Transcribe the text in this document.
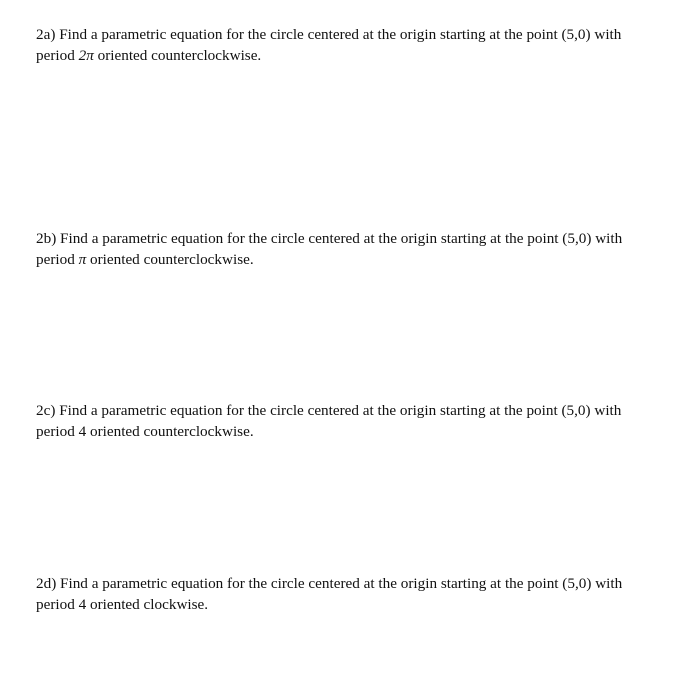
2a) Find a parametric equation for the circle centered at the origin starting at the point (5,0) with
period 2π oriented counterclockwise.
2b) Find a parametric equation for the circle centered at the origin starting at the point (5,0) with
period π oriented counterclockwise.
2c) Find a parametric equation for the circle centered at the origin starting at the point (5,0) with
period 4 oriented counterclockwise.
2d) Find a parametric equation for the circle centered at the origin starting at the point (5,0) with
period 4 oriented clockwise.
